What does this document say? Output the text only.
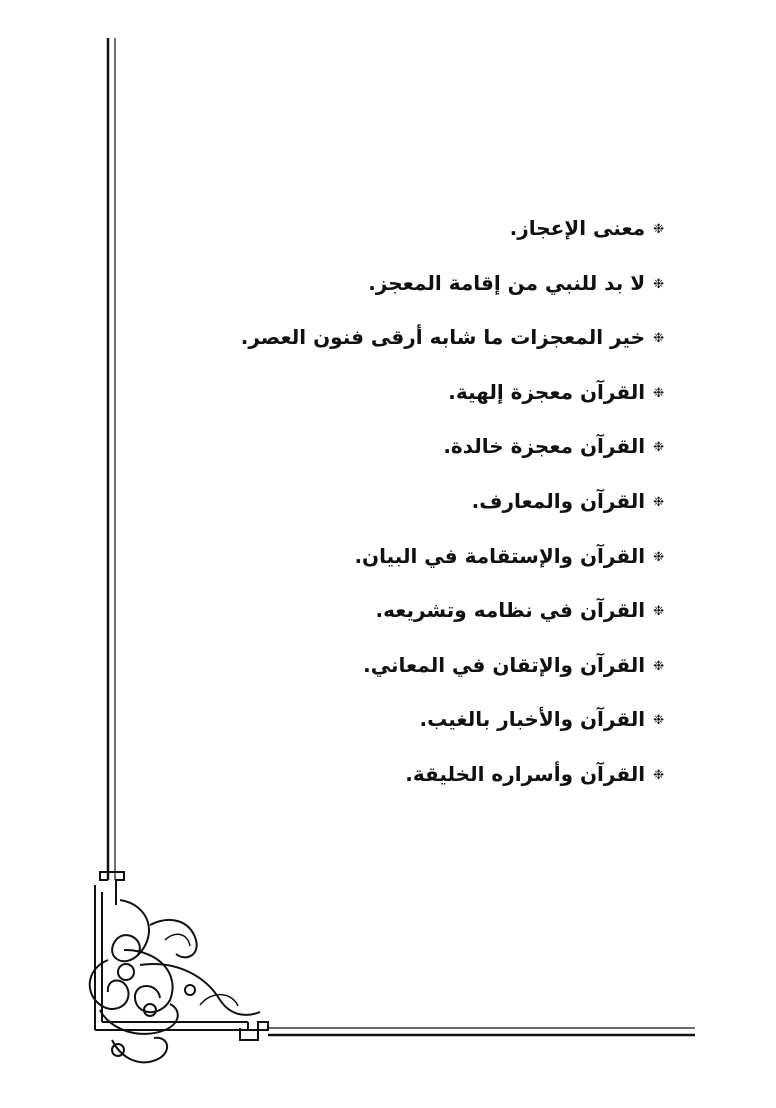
❉معنى الإعجاز.
❉لا بد للنبي من إقامة المعجز.
❉خير المعجزات ما شابه أرقى فنون العصر.
❉القرآن معجزة إلهية.
❉القرآن معجزة خالدة.
❉القرآن والمعارف.
❉القرآن والإستقامة في البيان.
❉القرآن في نظامه وتشريعه.
❉القرآن والإتقان في المعاني.
❉القرآن والأخبار بالغيب.
❉القرآن وأسراره الخليقة.
